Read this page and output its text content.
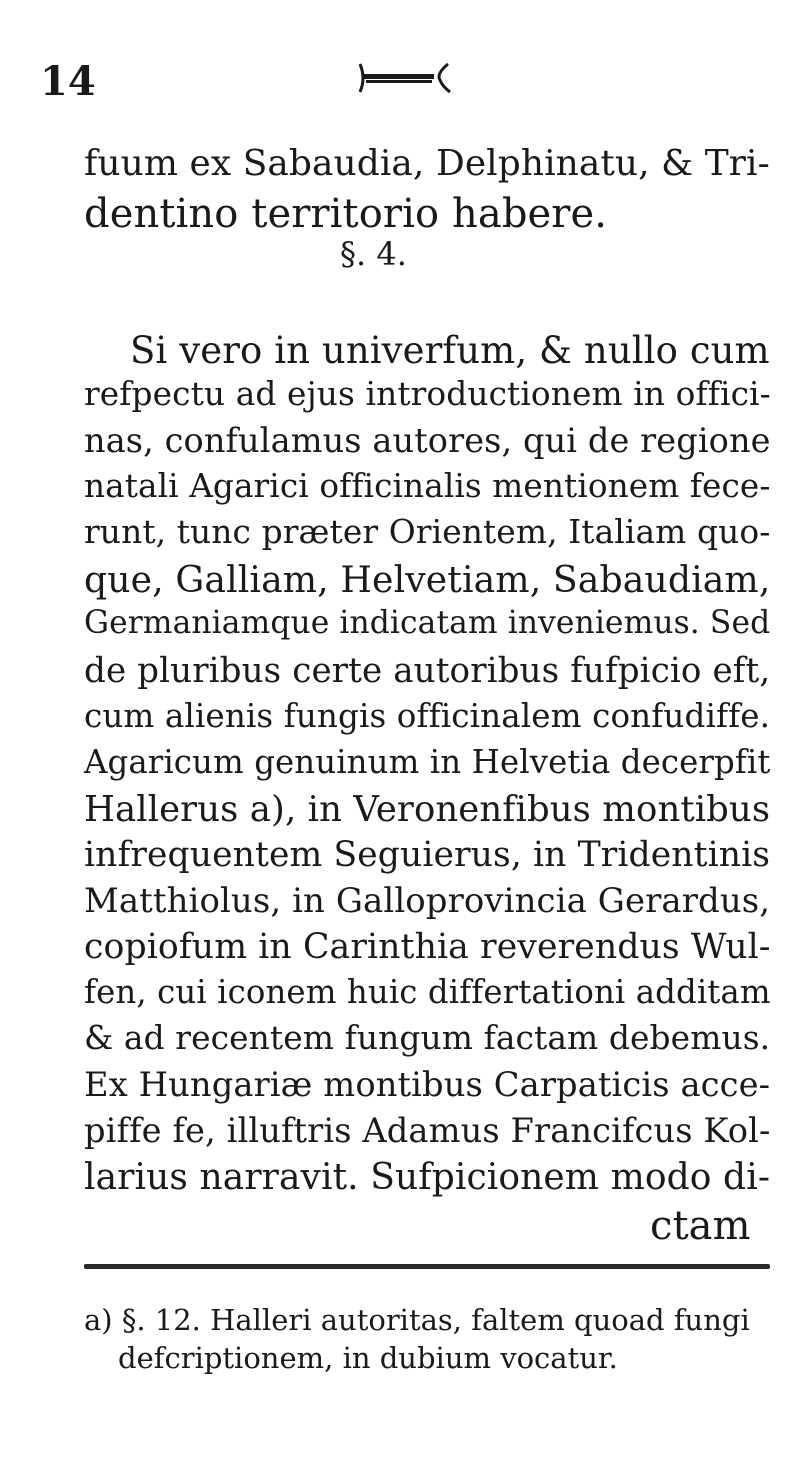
14
fuum ex Sabaudia, Delphinatu, & Tri-
dentino territorio habere.
§. 4.
Si vero in univerfum, & nullo cum
refpectu ad ejus introductionem in offici-
nas, confulamus autores, qui de regione
natali Agarici officinalis mentionem fece-
runt, tunc præter Orientem, Italiam quo-
que, Galliam, Helvetiam, Sabaudiam,
Germaniamque indicatam inveniemus. Sed
de pluribus certe autoribus fufpicio eft,
cum alienis fungis officinalem confudiffe.
Agaricum genuinum in Helvetia decerpfit
Hallerus a), in Veronenfibus montibus
infrequentem Seguierus, in Tridentinis
Matthiolus, in Galloprovincia Gerardus,
copiofum in Carinthia reverendus Wul-
fen, cui iconem huic differtationi additam
& ad recentem fungum factam debemus.
Ex Hungariæ montibus Carpaticis acce-
piffe fe, illuftris Adamus Francifcus Kol-
larius narravit. Sufpicionem modo di-
ctam
a) §. 12. Halleri autoritas, faltem quoad fungi
defcriptionem, in dubium vocatur.
